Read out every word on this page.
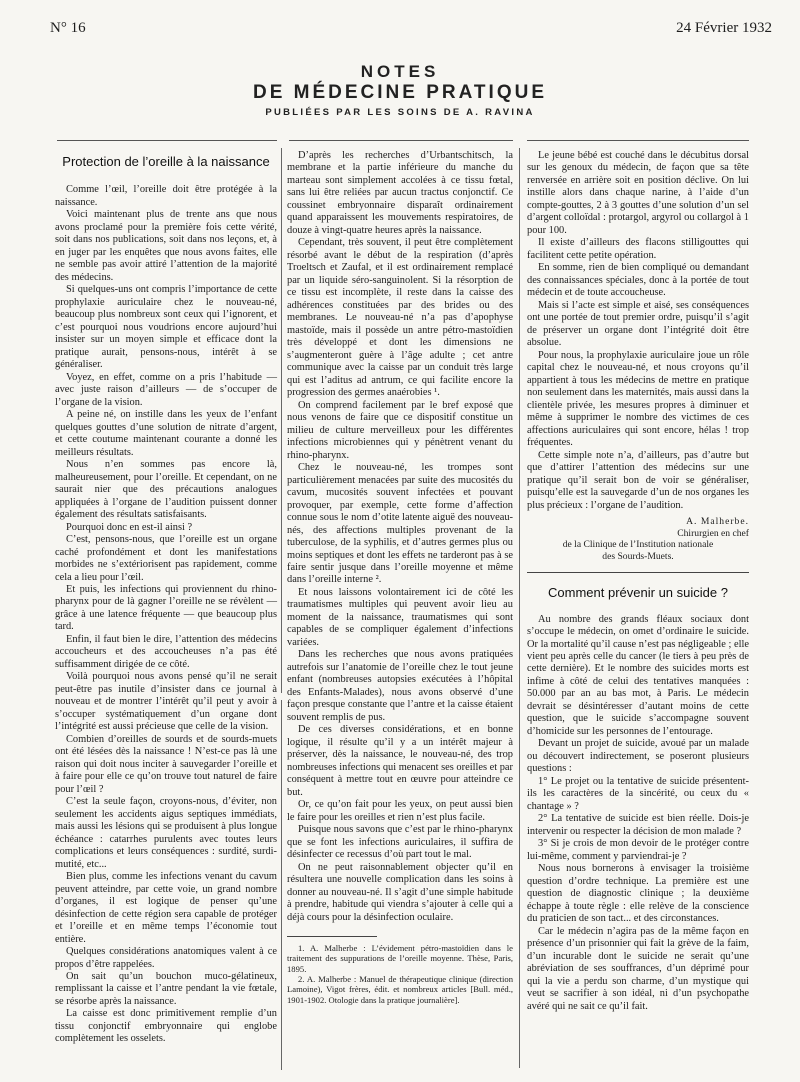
N° 16	24 Février 1932
NOTES
DE MÉDECINE PRATIQUE
PUBLIÉES PAR LES SOINS DE A. RAVINA
Protection de l’oreille à la naissance

Comme l’œil, l’oreille doit être protégée à la naissance.

Voici maintenant plus de trente ans que nous avons proclamé pour la première fois cette vérité, soit dans nos publications, soit dans nos leçons, et, à en juger par les enquêtes que nous avons faites, elle ne semble pas avoir attiré l’attention de la majorité des médecins.

Si quelques-uns ont compris l’importance de cette prophylaxie auriculaire chez le nouveau-né, beaucoup plus nombreux sont ceux qui l’ignorent, et c’est pourquoi nous voudrions encore aujourd’hui insister sur un moyen simple et efficace dont la pratique aurait, pensons-nous, intérêt à se généraliser.

Voyez, en effet, comme on a pris l’habitude — avec juste raison d’ailleurs — de s’occuper de l’organe de la vision.

A peine né, on instille dans les yeux de l’enfant quelques gouttes d’une solution de nitrate d’argent, et cette coutume maintenant courante a donné les meilleurs résultats.

Nous n’en sommes pas encore là, malheureusement, pour l’oreille. Et cependant, on ne saurait nier que des précautions analogues appliquées à l’organe de l’audition puissent donner également des résultats satisfaisants.

Pourquoi donc en est-il ainsi ?

C’est, pensons-nous, que l’oreille est un organe caché profondément et dont les manifestations morbides ne s’extériorisent pas rapidement, comme cela a lieu pour l’œil.

Et puis, les infections qui proviennent du rhino-pharynx pour de là gagner l’oreille ne se révèlent — grâce à une latence fréquente — que beaucoup plus tard.

Enfin, il faut bien le dire, l’attention des médecins accoucheurs et des accoucheuses n’a pas été suffisamment dirigée de ce côté.

Voilà pourquoi nous avons pensé qu’il ne serait peut-être pas inutile d’insister dans ce journal à nouveau et de montrer l’intérêt qu’il peut y avoir à s’occuper systématiquement d’un organe dont l’intégrité est aussi précieuse que celle de la vision.

Combien d’oreilles de sourds et de sourds-muets ont été lésées dès la naissance ! N’est-ce pas là une raison qui doit nous inciter à sauvegarder l’oreille et à faire pour elle ce qu’on trouve tout naturel de faire pour l’œil ?

C’est la seule façon, croyons-nous, d’éviter, non seulement les accidents aigus septiques immédiats, mais aussi les lésions qui se produisent à plus longue échéance : catarrhes purulents avec toutes leurs complications et leurs conséquences : surdité, surdi-mutité, etc...

Bien plus, comme les infections venant du cavum peuvent atteindre, par cette voie, un grand nombre d’organes, il est logique de penser qu’une désinfection de cette région sera capable de protéger et l’oreille et en même temps l’économie tout entière.

Quelques considérations anatomiques valent à ce propos d’être rappelées.

On sait qu’un bouchon muco-gélatineux, remplissant la caisse et l’antre pendant la vie fœtale, se résorbe après la naissance.

La caisse est donc primitivement remplie d’un tissu conjonctif embryonnaire qui englobe complètement les osselets.

D’après les recherches d’Urbantschitsch, la membrane et la partie inférieure du manche du marteau sont simplement accolées à ce tissu fœtal, sans lui être reliées par aucun tractus conjonctif. Ce coussinet embryonnaire disparaît ordinairement quand apparaissent les mouvements respiratoires, de douze à vingt-quatre heures après la naissance.

Cependant, très souvent, il peut être complètement résorbé avant le début de la respiration (d’après Troeltsch et Zaufal, et il est ordinairement remplacé par un liquide séro-sanguinolent. Si la résorption de ce tissu est incomplète, il reste dans la caisse des adhérences constituées par des brides ou des membranes. Le nouveau-né n’a pas d’apophyse mastoïde, mais il possède un antre pétro-mastoïdien très développé et dont les dimensions ne s’augmenteront guère à l’âge adulte ; cet antre communique avec la caisse par un conduit très large qui est l’aditus ad antrum, ce qui facilite encore la progression des germes anaérobies ¹.

On comprend facilement par le bref exposé que nous venons de faire que ce dispositif constitue un milieu de culture merveilleux pour les différentes infections microbiennes qui y pénètrent venant du rhino-pharynx.

Chez le nouveau-né, les trompes sont particulièrement menacées par suite des mucosités du cavum, mucosités souvent infectées et pouvant provoquer, par exemple, cette forme d’affection connue sous le nom d’otite latente aiguë des nouveau-nés, des affections multiples provenant de la tuberculose, de la syphilis, et d’autres germes plus ou moins septiques et dont les effets ne tarderont pas à se faire sentir jusque dans l’oreille moyenne et même dans l’oreille interne ².

Et nous laissons volontairement ici de côté les traumatismes multiples qui peuvent avoir lieu au moment de la naissance, traumatismes qui sont capables de se compliquer également d’infections variées.

Dans les recherches que nous avons pratiquées autrefois sur l’anatomie de l’oreille chez le tout jeune enfant (nombreuses autopsies exécutées à l’hôpital des Enfants-Malades), nous avons observé d’une façon presque constante que l’antre et la caisse étaient souvent remplis de pus.

De ces diverses considérations, et en bonne logique, il résulte qu’il y a un intérêt majeur à préserver, dès la naissance, le nouveau-né, des trop nombreuses infections qui menacent ses oreilles et par conséquent à mettre tout en œuvre pour atteindre ce but.

Or, ce qu’on fait pour les yeux, on peut aussi bien le faire pour les oreilles et rien n’est plus facile.

Puisque nous savons que c’est par le rhino-pharynx que se font les infections auriculaires, il suffira de désinfecter ce recessus d’où part tout le mal.

On ne peut raisonnablement objecter qu’il en résultera une nouvelle complication dans les soins à donner au nouveau-né. Il s’agit d’une simple habitude à prendre, habitude qui viendra s’ajouter à celle qui a déjà cours pour la désinfection oculaire.

1. A. Malherbe : L’évidement pétro-mastoïdien dans le traitement des suppurations de l’oreille moyenne. Thèse, Paris, 1895.

2. A. Malherbe : Manuel de thérapeutique clinique (direction Lamoine), Vigot frères, édit. et nombreux articles [Bull. méd., 1901-1902. Otologie dans la pratique journalière].

Le jeune bébé est couché dans le décubitus dorsal sur les genoux du médecin, de façon que sa tête renversée en arrière soit en position déclive. On lui instille alors dans chaque narine, à l’aide d’un compte-gouttes, 2 à 3 gouttes d’une solution d’un sel d’argent colloïdal : protargol, argyrol ou collargol à 1 pour 100.

Il existe d’ailleurs des flacons stilligouttes qui facilitent cette petite opération.

En somme, rien de bien compliqué ou demandant des connaissances spéciales, donc à la portée de tout médecin et de toute accoucheuse.

Mais si l’acte est simple et aisé, ses conséquences ont une portée de tout premier ordre, puisqu’il s’agit de préserver un organe dont l’intégrité doit être absolue.

Pour nous, la prophylaxie auriculaire joue un rôle capital chez le nouveau-né, et nous croyons qu’il appartient à tous les médecins de mettre en pratique non seulement dans les maternités, mais aussi dans la clientèle privée, les mesures propres à diminuer et même à supprimer le nombre des victimes de ces affections auriculaires qui sont encore, hélas ! trop fréquentes.

Cette simple note n’a, d’ailleurs, pas d’autre but que d’attirer l’attention des médecins sur une pratique qu’il serait bon de voir se généraliser, puisqu’elle est la sauvegarde d’un de nos organes les plus précieux : l’organe de l’audition.

A. Malherbe.
Chirurgien en chef
de la Clinique de l’Institution nationale
des Sourds-Muets.
Comment prévenir un suicide ?

Au nombre des grands fléaux sociaux dont s’occupe le médecin, on omet d’ordinaire le suicide. Or la mortalité qu’il cause n’est pas négligeable ; elle vient peu après celle du cancer (le tiers à peu près de cette dernière). Et le nombre des suicides morts est infime à côté de celui des tentatives manquées : 50.000 par an au bas mot, à Paris. Le médecin devrait se désintéresser d’autant moins de cette question, que le suicide s’accompagne souvent d’homicide sur les personnes de l’entourage.

Devant un projet de suicide, avoué par un malade ou découvert indirectement, se poseront plusieurs questions :

1° Le projet ou la tentative de suicide présentent-ils les caractères de la sincérité, ou ceux du « chantage » ?

2° La tentative de suicide est bien réelle. Dois-je intervenir ou respecter la décision de mon malade ?

3° Si je crois de mon devoir de le protéger contre lui-même, comment y parviendrai-je ?

Nous nous bornerons à envisager la troisième question d’ordre technique. La première est une question de diagnostic clinique ; la deuxième échappe à toute règle : elle relève de la conscience du praticien de son tact... et des circonstances.

Car le médecin n’agira pas de la même façon en présence d’un prisonnier qui fait la grève de la faim, d’un incurable dont le suicide ne serait qu’une abréviation de ses souffrances, d’un déprimé pour qui la vie a perdu son charme, d’un mystique qui veut se sacrifier à son idéal, ni d’un psychopathe avéré qui ne sait ce qu’il fait.
